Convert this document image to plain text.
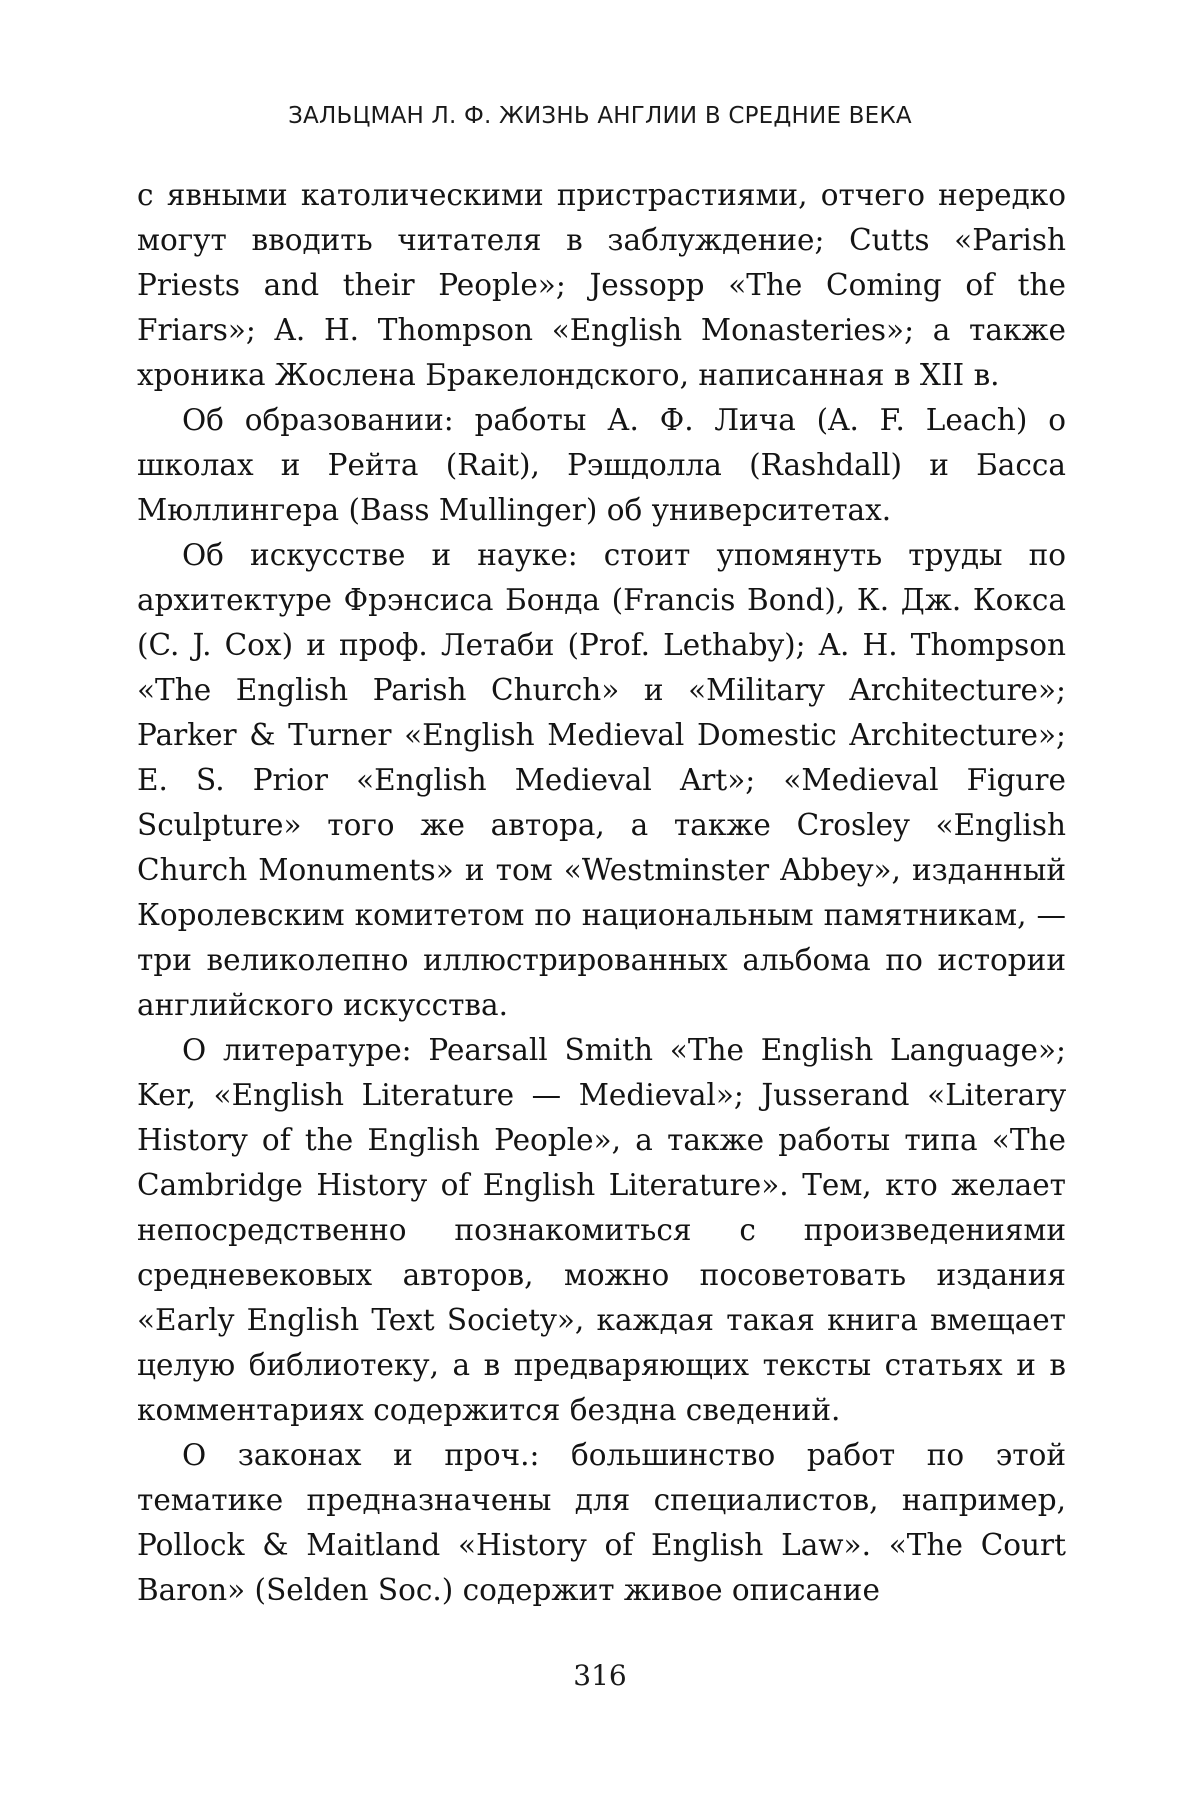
ЗАЛЬЦМАН Л. Ф. ЖИЗНЬ АНГЛИИ В СРЕДНИЕ ВЕКА

с явными католическими пристрастиями, отчего нередко могут вводить читателя в заблуждение; Cutts «Parish Priests and their People»; Jessopp «The Coming of the Friars»; A. H. Thompson «English Monasteries»; а также хроника Жослена Бракелондского, написанная в XII в.

Об образовании: работы А. Ф. Лича (A. F. Leach) о школах и Рейта (Rait), Рэшдолла (Rashdall) и Басса Мюллингера (Bass Mullinger) об университетах.

Об искусстве и науке: стоит упомянуть труды по архитектуре Фрэнсиса Бонда (Francis Bond), К. Дж. Кокса (C. J. Cox) и проф. Летаби (Prof. Lethaby); A. H. Thompson «The English Parish Church» и «Military Architecture»; Parker & Turner «English Medieval Domestic Architecture»; E. S. Prior «English Medieval Art»; «Medieval Figure Sculpture» того же автора, а также Crosley «English Church Monuments» и том «Westminster Abbey», изданный Королевским комитетом по национальным памятникам, — три великолепно иллюстрированных альбома по истории английского искусства.

О литературе: Pearsall Smith «The English Language»; Ker, «English Literature — Medieval»; Jusserand «Literary History of the English People», а также работы типа «The Cambridge History of English Literature». Тем, кто желает непосредственно познакомиться с произведениями средневековых авторов, можно посоветовать издания «Early English Text Society», каждая такая книга вмещает целую библиотеку, а в предваряющих тексты статьях и в комментариях содержится бездна сведений.

О законах и проч.: большинство работ по этой тематике предназначены для специалистов, например, Pollock & Maitland «History of English Law». «The Court Baron» (Selden Soc.) содержит живое описание

316
